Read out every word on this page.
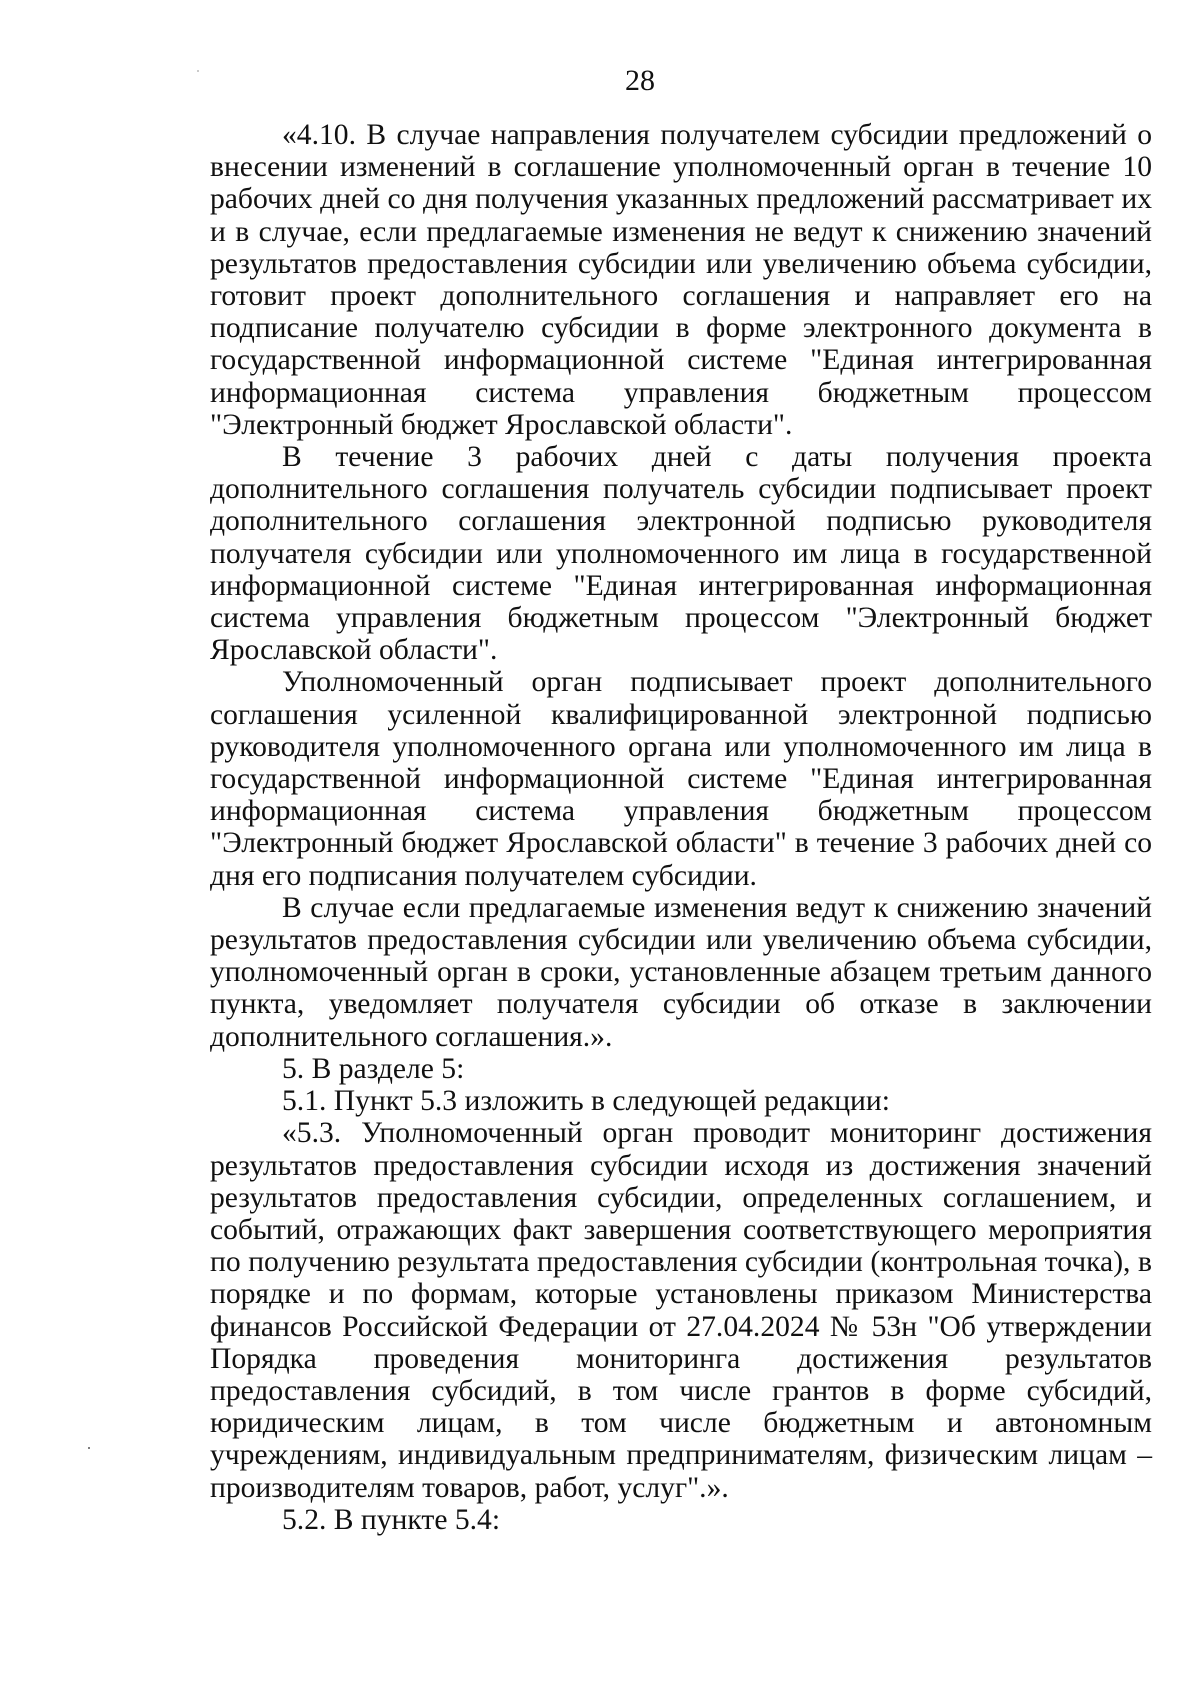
28

«4.10. В случае направления получателем субсидии предложений о внесении изменений в соглашение уполномоченный орган в течение 10 рабочих дней со дня получения указанных предложений рассматривает их и в случае, если предлагаемые изменения не ведут к снижению значений результатов предоставления субсидии или увеличению объема субсидии, готовит проект дополнительного соглашения и направляет его на подписание получателю субсидии в форме электронного документа в государственной информационной системе "Единая интегрированная информационная система управления бюджетным процессом "Электронный бюджет Ярославской области".

В течение 3 рабочих дней с даты получения проекта дополнительного соглашения получатель субсидии подписывает проект дополнительного соглашения электронной подписью руководителя получателя субсидии или уполномоченного им лица в государственной информационной системе "Единая интегрированная информационная система управления бюджетным процессом "Электронный бюджет Ярославской области".

Уполномоченный орган подписывает проект дополнительного соглашения усиленной квалифицированной электронной подписью руководителя уполномоченного органа или уполномоченного им лица в государственной информационной системе "Единая интегрированная информационная система управления бюджетным процессом "Электронный бюджет Ярославской области" в течение 3 рабочих дней со дня его подписания получателем субсидии.

В случае если предлагаемые изменения ведут к снижению значений результатов предоставления субсидии или увеличению объема субсидии, уполномоченный орган в сроки, установленные абзацем третьим данного пункта, уведомляет получателя субсидии об отказе в заключении дополнительного соглашения.».

5. В разделе 5:

5.1. Пункт 5.3 изложить в следующей редакции:

«5.3. Уполномоченный орган проводит мониторинг достижения результатов предоставления субсидии исходя из достижения значений результатов предоставления субсидии, определенных соглашением, и событий, отражающих факт завершения соответствующего мероприятия по получению результата предоставления субсидии (контрольная точка), в порядке и по формам, которые установлены приказом Министерства финансов Российской Федерации от 27.04.2024 № 53н "Об утверждении Порядка проведения мониторинга достижения результатов предоставления субсидий, в том числе грантов в форме субсидий, юридическим лицам, в том числе бюджетным и автономным учреждениям, индивидуальным предпринимателям, физическим лицам – производителям товаров, работ, услуг".».

5.2. В пункте 5.4:
